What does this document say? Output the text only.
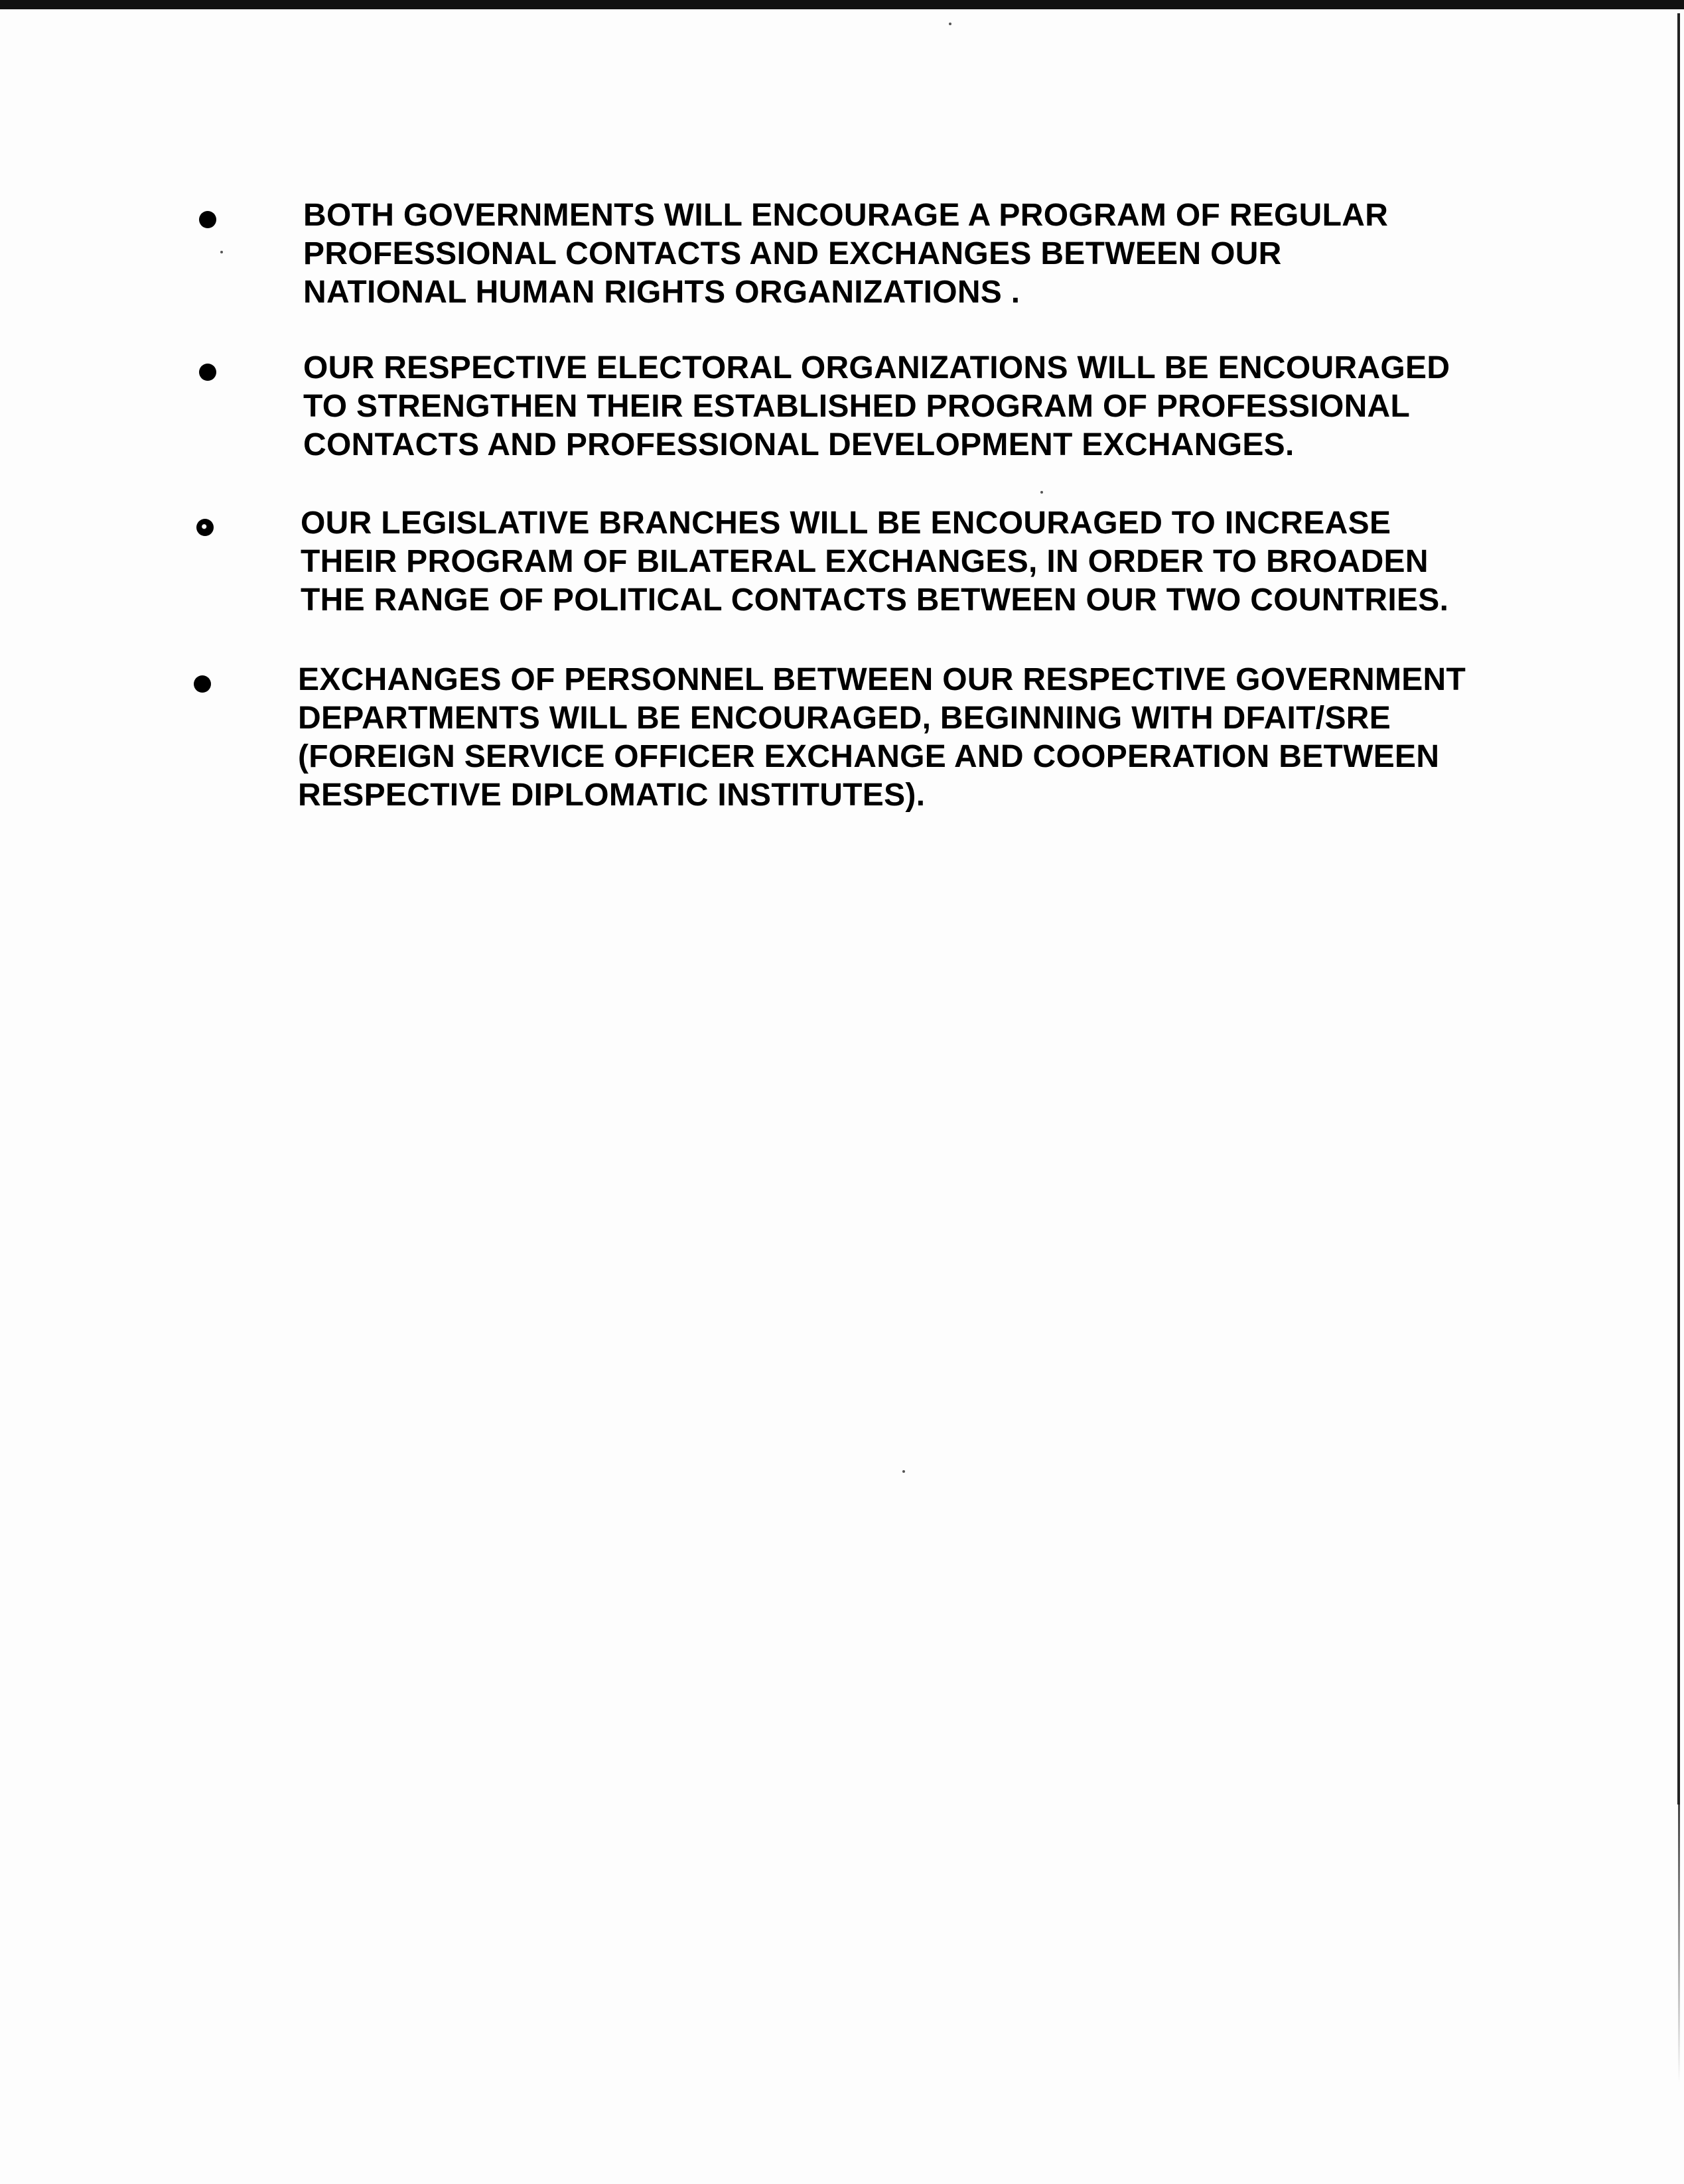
BOTH GOVERNMENTS WILL ENCOURAGE A PROGRAM OF REGULAR
PROFESSIONAL CONTACTS AND EXCHANGES BETWEEN OUR
NATIONAL HUMAN RIGHTS ORGANIZATIONS .
OUR RESPECTIVE ELECTORAL ORGANIZATIONS WILL BE ENCOURAGED
TO STRENGTHEN THEIR ESTABLISHED PROGRAM OF PROFESSIONAL
CONTACTS AND PROFESSIONAL DEVELOPMENT EXCHANGES.
OUR LEGISLATIVE BRANCHES WILL BE ENCOURAGED TO INCREASE
THEIR PROGRAM OF BILATERAL EXCHANGES, IN ORDER TO BROADEN
THE RANGE OF POLITICAL CONTACTS BETWEEN OUR TWO COUNTRIES.
EXCHANGES OF PERSONNEL BETWEEN OUR RESPECTIVE GOVERNMENT
DEPARTMENTS WILL BE ENCOURAGED, BEGINNING WITH DFAIT/SRE
(FOREIGN SERVICE OFFICER EXCHANGE AND COOPERATION BETWEEN
RESPECTIVE DIPLOMATIC INSTITUTES).
